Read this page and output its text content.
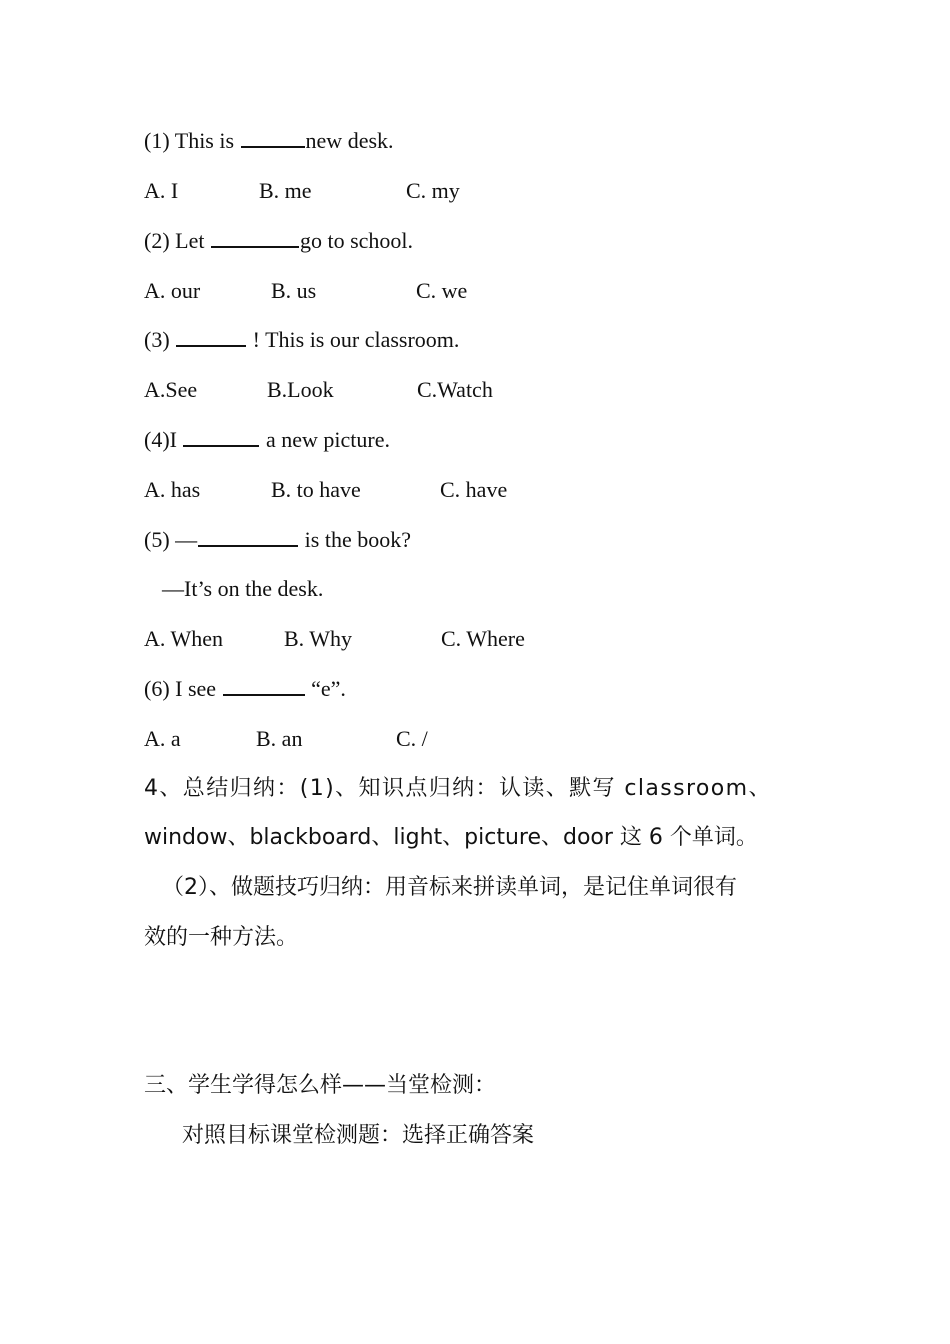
(1) This is	new desk.
A. I	B. me	C. my
(2) Let	go to school.
A. our	B. us	C. we
(3)	! This is our classroom.
A.See	B.Look	C.Watch
(4)I	a new picture.
A. has	B. to have	C. have
(5) —	is the book?
—It’s on the desk.
A. When	B. Why	C. Where
(6) I see	“e”.
A. a	B. an	C. /
4、总结归纳：(1)、知识点归纳：认读、默写 classroom、
window、blackboard、light、picture、door 这 6 个单词。
（2）、做题技巧归纳：用音标来拼读单词，是记住单词很有
效的一种方法。
三、学生学得怎么样——当堂检测：
对照目标课堂检测题：选择正确答案
